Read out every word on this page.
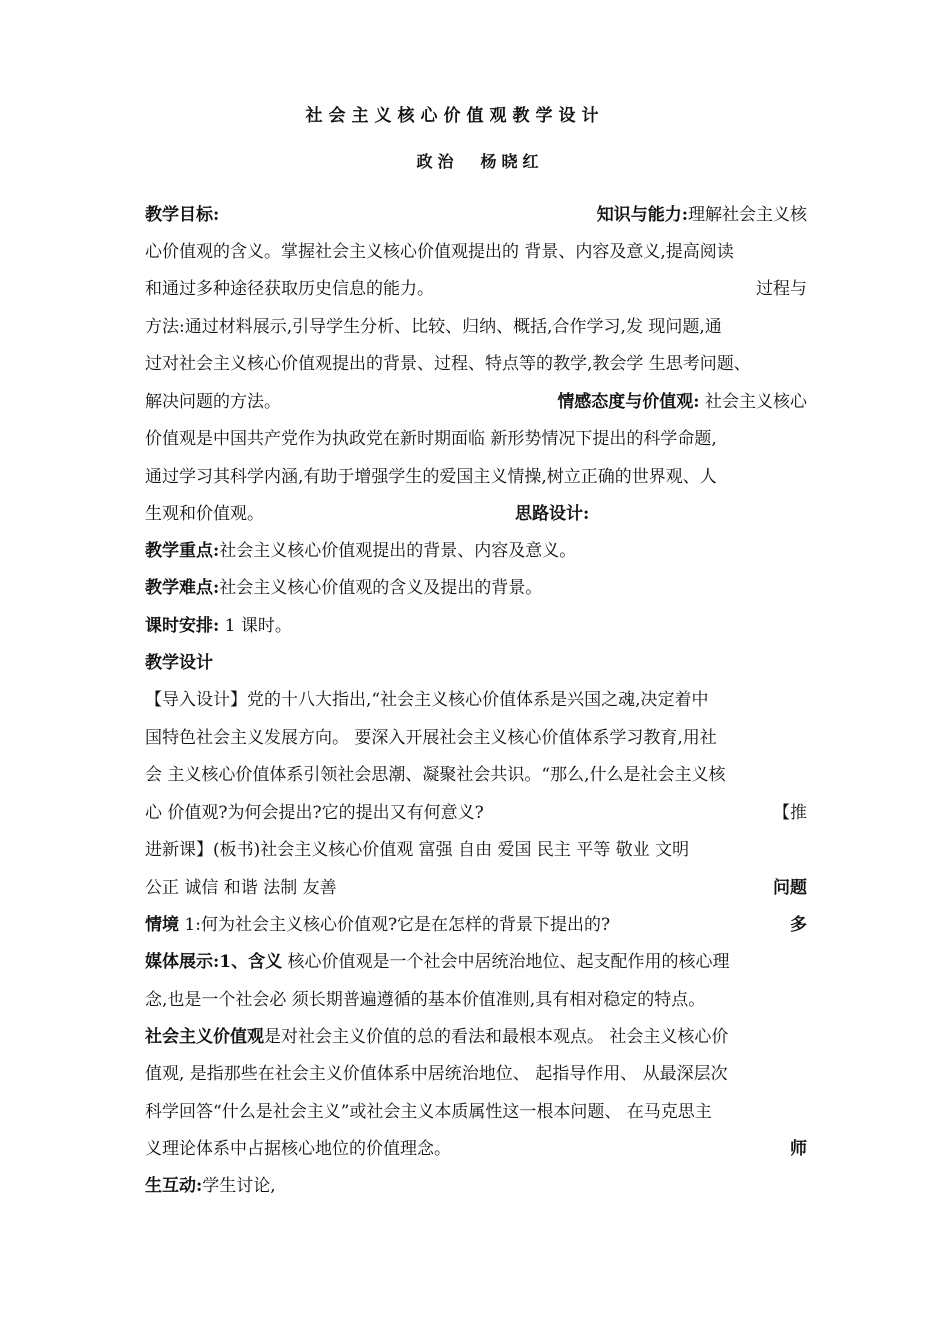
社会主义核心价值观教学设计
政治 杨晓红
教学目标:	知识与能力:理解社会主义核
心价值观的含义。掌握社会主义核心价值观提出的 背景、内容及意义,提高阅读
和通过多种途径获取历史信息的能力。	过程与
方法:通过材料展示,引导学生分析、比较、归纳、概括,合作学习,发 现问题,通
过对社会主义核心价值观提出的背景、过程、特点等的教学,教会学 生思考问题、
解决问题的方法。	情感态度与价值观: 社会主义核心
价值观是中国共产党作为执政党在新时期面临 新形势情况下提出的科学命题,
通过学习其科学内涵,有助于增强学生的爱国主义情操,树立正确的世界观、人
生观和价值观。	思路设计:
教学重点:社会主义核心价值观提出的背景、内容及意义。
教学难点:社会主义核心价值观的含义及提出的背景。
课时安排: 1 课时。
教学设计
【导入设计】党的十八大指出,“社会主义核心价值体系是兴国之魂,决定着中
国特色社会主义发展方向。 要深入开展社会主义核心价值体系学习教育,用社
会 主义核心价值体系引领社会思潮、凝聚社会共识。“那么,什么是社会主义核
心 价值观?为何会提出?它的提出又有何意义?	【推
进新课】(板书)社会主义核心价值观 富强 自由 爱国 民主 平等 敬业 文明
公正 诚信 和谐 法制 友善	问题
情境 1:何为社会主义核心价值观?它是在怎样的背景下提出的?	多
媒体展示:1、含义 核心价值观是一个社会中居统治地位、起支配作用的核心理
念,也是一个社会必 须长期普遍遵循的基本价值准则,具有相对稳定的特点。
社会主义价值观是对社会主义价值的总的看法和最根本观点。 社会主义核心价
值观, 是指那些在社会主义价值体系中居统治地位、 起指导作用、 从最深层次
科学回答“什么是社会主义”或社会主义本质属性这一根本问题、 在马克思主
义理论体系中占据核心地位的价值理念。	师
生互动:学生讨论,
